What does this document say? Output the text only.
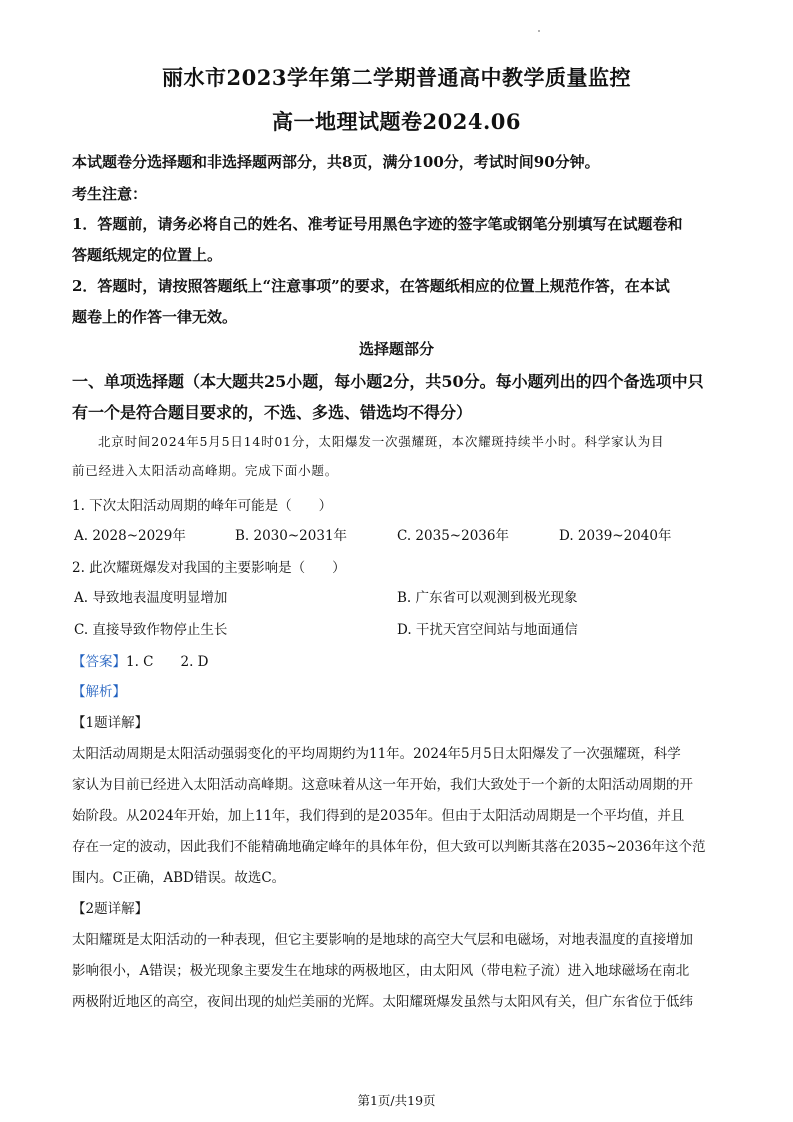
丽水市2023学年第二学期普通高中教学质量监控
高一地理试题卷2024.06
本试题卷分选择题和非选择题两部分，共8页，满分100分，考试时间90分钟。
考生注意：
1．答题前，请务必将自己的姓名、准考证号用黑色字迹的签字笔或钢笔分别填写在试题卷和
答题纸规定的位置上。
2．答题时，请按照答题纸上“注意事项”的要求，在答题纸相应的位置上规范作答，在本试
题卷上的作答一律无效。
选择题部分
一、单项选择题（本大题共25小题，每小题2分，共50分。每小题列出的四个备选项中只
有一个是符合题目要求的，不选、多选、错选均不得分）
北京时间2024年5月5日14时01分，太阳爆发一次强耀斑，本次耀斑持续半小时。科学家认为目
前已经进入太阳活动高峰期。完成下面小题。
1. 下次太阳活动周期的峰年可能是（　　）
A. 2028~2029年	B. 2030~2031年	C. 2035~2036年	D. 2039~2040年
2. 此次耀斑爆发对我国的主要影响是（　　）
A. 导致地表温度明显增加	B. 广东省可以观测到极光现象
C. 直接导致作物停止生长	D. 干扰天宫空间站与地面通信
【答案】1. C　　2. D
【解析】
【1题详解】
太阳活动周期是太阳活动强弱变化的平均周期约为11年。2024年5月5日太阳爆发了一次强耀斑，科学
家认为目前已经进入太阳活动高峰期。这意味着从这一年开始，我们大致处于一个新的太阳活动周期的开
始阶段。从2024年开始，加上11年，我们得到的是2035年。但由于太阳活动周期是一个平均值，并且
存在一定的波动，因此我们不能精确地确定峰年的具体年份，但大致可以判断其落在2035~2036年这个范
围内。C正确，ABD错误。故选C。
【2题详解】
太阳耀斑是太阳活动的一种表现，但它主要影响的是地球的高空大气层和电磁场，对地表温度的直接增加
影响很小，A错误；极光现象主要发生在地球的两极地区，由太阳风（带电粒子流）进入地球磁场在南北
两极附近地区的高空，夜间出现的灿烂美丽的光辉。太阳耀斑爆发虽然与太阳风有关，但广东省位于低纬
第1页/共19页
